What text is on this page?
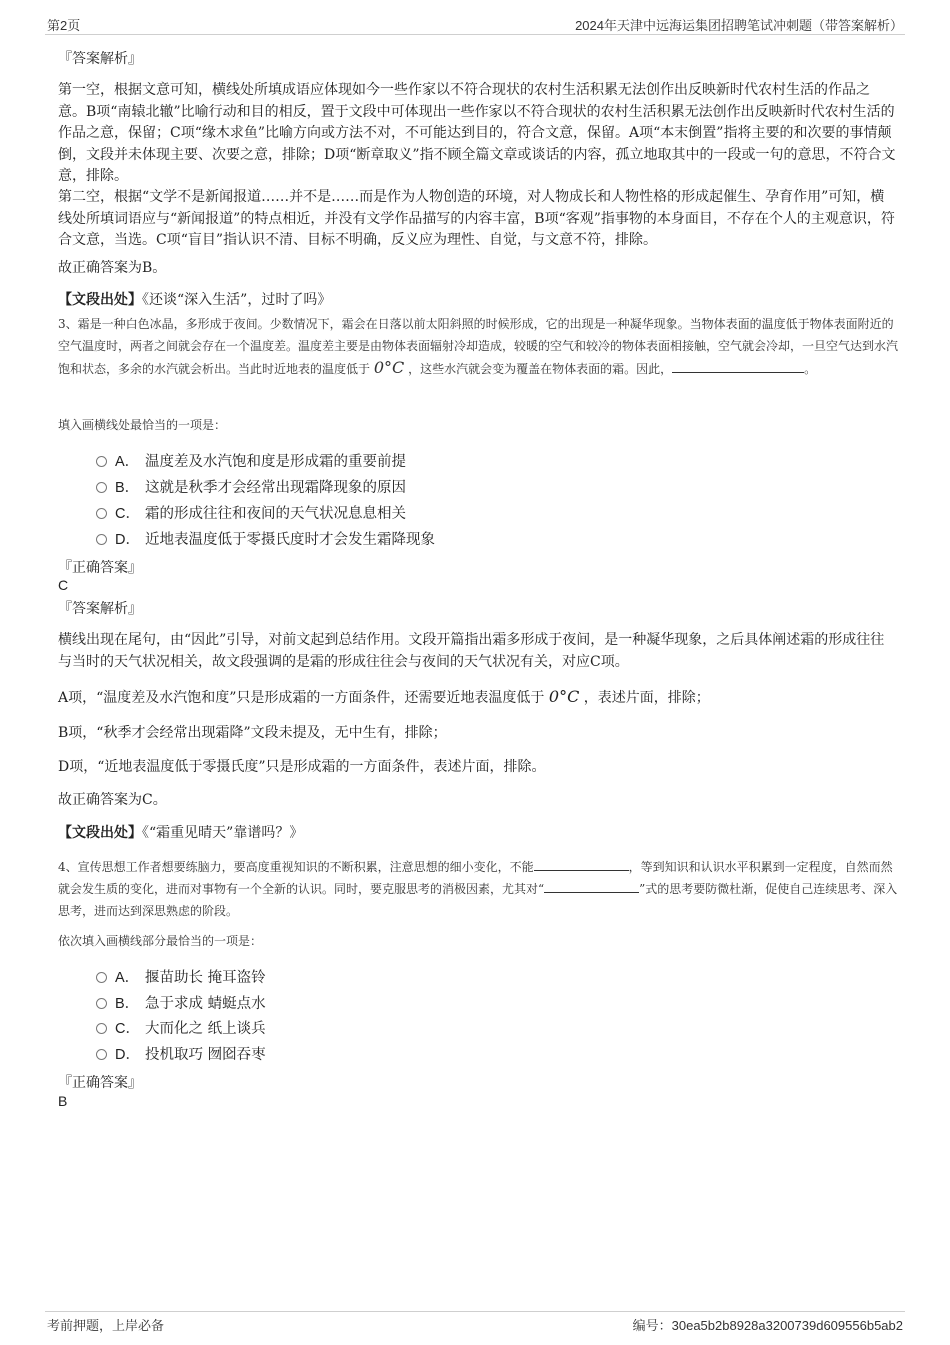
第2页	2024年天津中远海运集团招聘笔试冲刺题（带答案解析）
『答案解析』
第一空，根据文意可知，横线处所填成语应体现如今一些作家以不符合现状的农村生活积累无法创作出反映新时代农村生活的作品之意。B项“南辕北辙”比喻行动和目的相反，置于文段中可体现出一些作家以不符合现状的农村生活积累无法创作出反映新时代农村生活的作品之意，保留；C项“缘木求鱼”比喻方向或方法不对，不可能达到目的，符合文意，保留。A项“本末倒置”指将主要的和次要的事情颠倒，文段并未体现主要、次要之意，排除；D项“断章取义”指不顾全篇文章或谈话的内容，孤立地取其中的一段或一句的意思，不符合文意，排除。
第二空，根据“文学不是新闻报道……并不是……而是作为人物创造的环境，对人物成长和人物性格的形成起催生、孕育作用”可知，横线处所填词语应与“新闻报道”的特点相近，并没有文学作品描写的内容丰富，B项“客观”指事物的本身面目，不存在个人的主观意识，符合文意，当选。C项“盲目”指认识不清、目标不明确，反义应为理性、自觉，与文意不符，排除。
故正确答案为B。
【文段出处】《还谈“深入生活”，过时了吗》
3、霜是一种白色冰晶，多形成于夜间。少数情况下，霜会在日落以前太阳斜照的时候形成，它的出现是一种凝华现象。当物体表面的温度低于物体表面附近的空气温度时，两者之间就会存在一个温度差。温度差主要是由物体表面辐射冷却造成，较暖的空气和较冷的物体表面相接触，空气就会冷却，一旦空气达到水汽饱和状态，多余的水汽就会析出。当此时近地表的温度低于 0°C ，这些水汽就会变为覆盖在物体表面的霜。因此，	。
填入画横线处最恰当的一项是：
A． 温度差及水汽饱和度是形成霜的重要前提
B． 这就是秋季才会经常出现霜降现象的原因
C． 霜的形成往往和夜间的天气状况息息相关
D． 近地表温度低于零摄氏度时才会发生霜降现象
『正确答案』
C
『答案解析』
横线出现在尾句，由“因此”引导，对前文起到总结作用。文段开篇指出霜多形成于夜间，是一种凝华现象，之后具体阐述霜的形成往往与当时的天气状况相关，故文段强调的是霜的形成往往会与夜间的天气状况有关，对应C项。
A项，“温度差及水汽饱和度”只是形成霜的一方面条件，还需要近地表温度低于 0°C ，表述片面，排除；
B项，“秋季才会经常出现霜降”文段未提及，无中生有，排除；
D项，“近地表温度低于零摄氏度”只是形成霜的一方面条件，表述片面，排除。
故正确答案为C。
【文段出处】《“霜重见晴天”靠谱吗？》
4、宣传思想工作者想要练脑力，要高度重视知识的不断积累，注意思想的细小变化，不能	，等到知识和认识水平积累到一定程度，自然而然就会发生质的变化，进而对事物有一个全新的认识。同时，要克服思考的消极因素，尤其对“	”式的思考要防微杜渐，促使自己连续思考、深入思考，进而达到深思熟虑的阶段。
依次填入画横线部分最恰当的一项是：
A． 揠苗助长 掩耳盗铃
B． 急于求成 蜻蜓点水
C． 大而化之 纸上谈兵
D． 投机取巧 囫囵吞枣
『正确答案』
B
考前押题，上岸必备	编号：30ea5b2b8928a3200739d609556b5ab2
